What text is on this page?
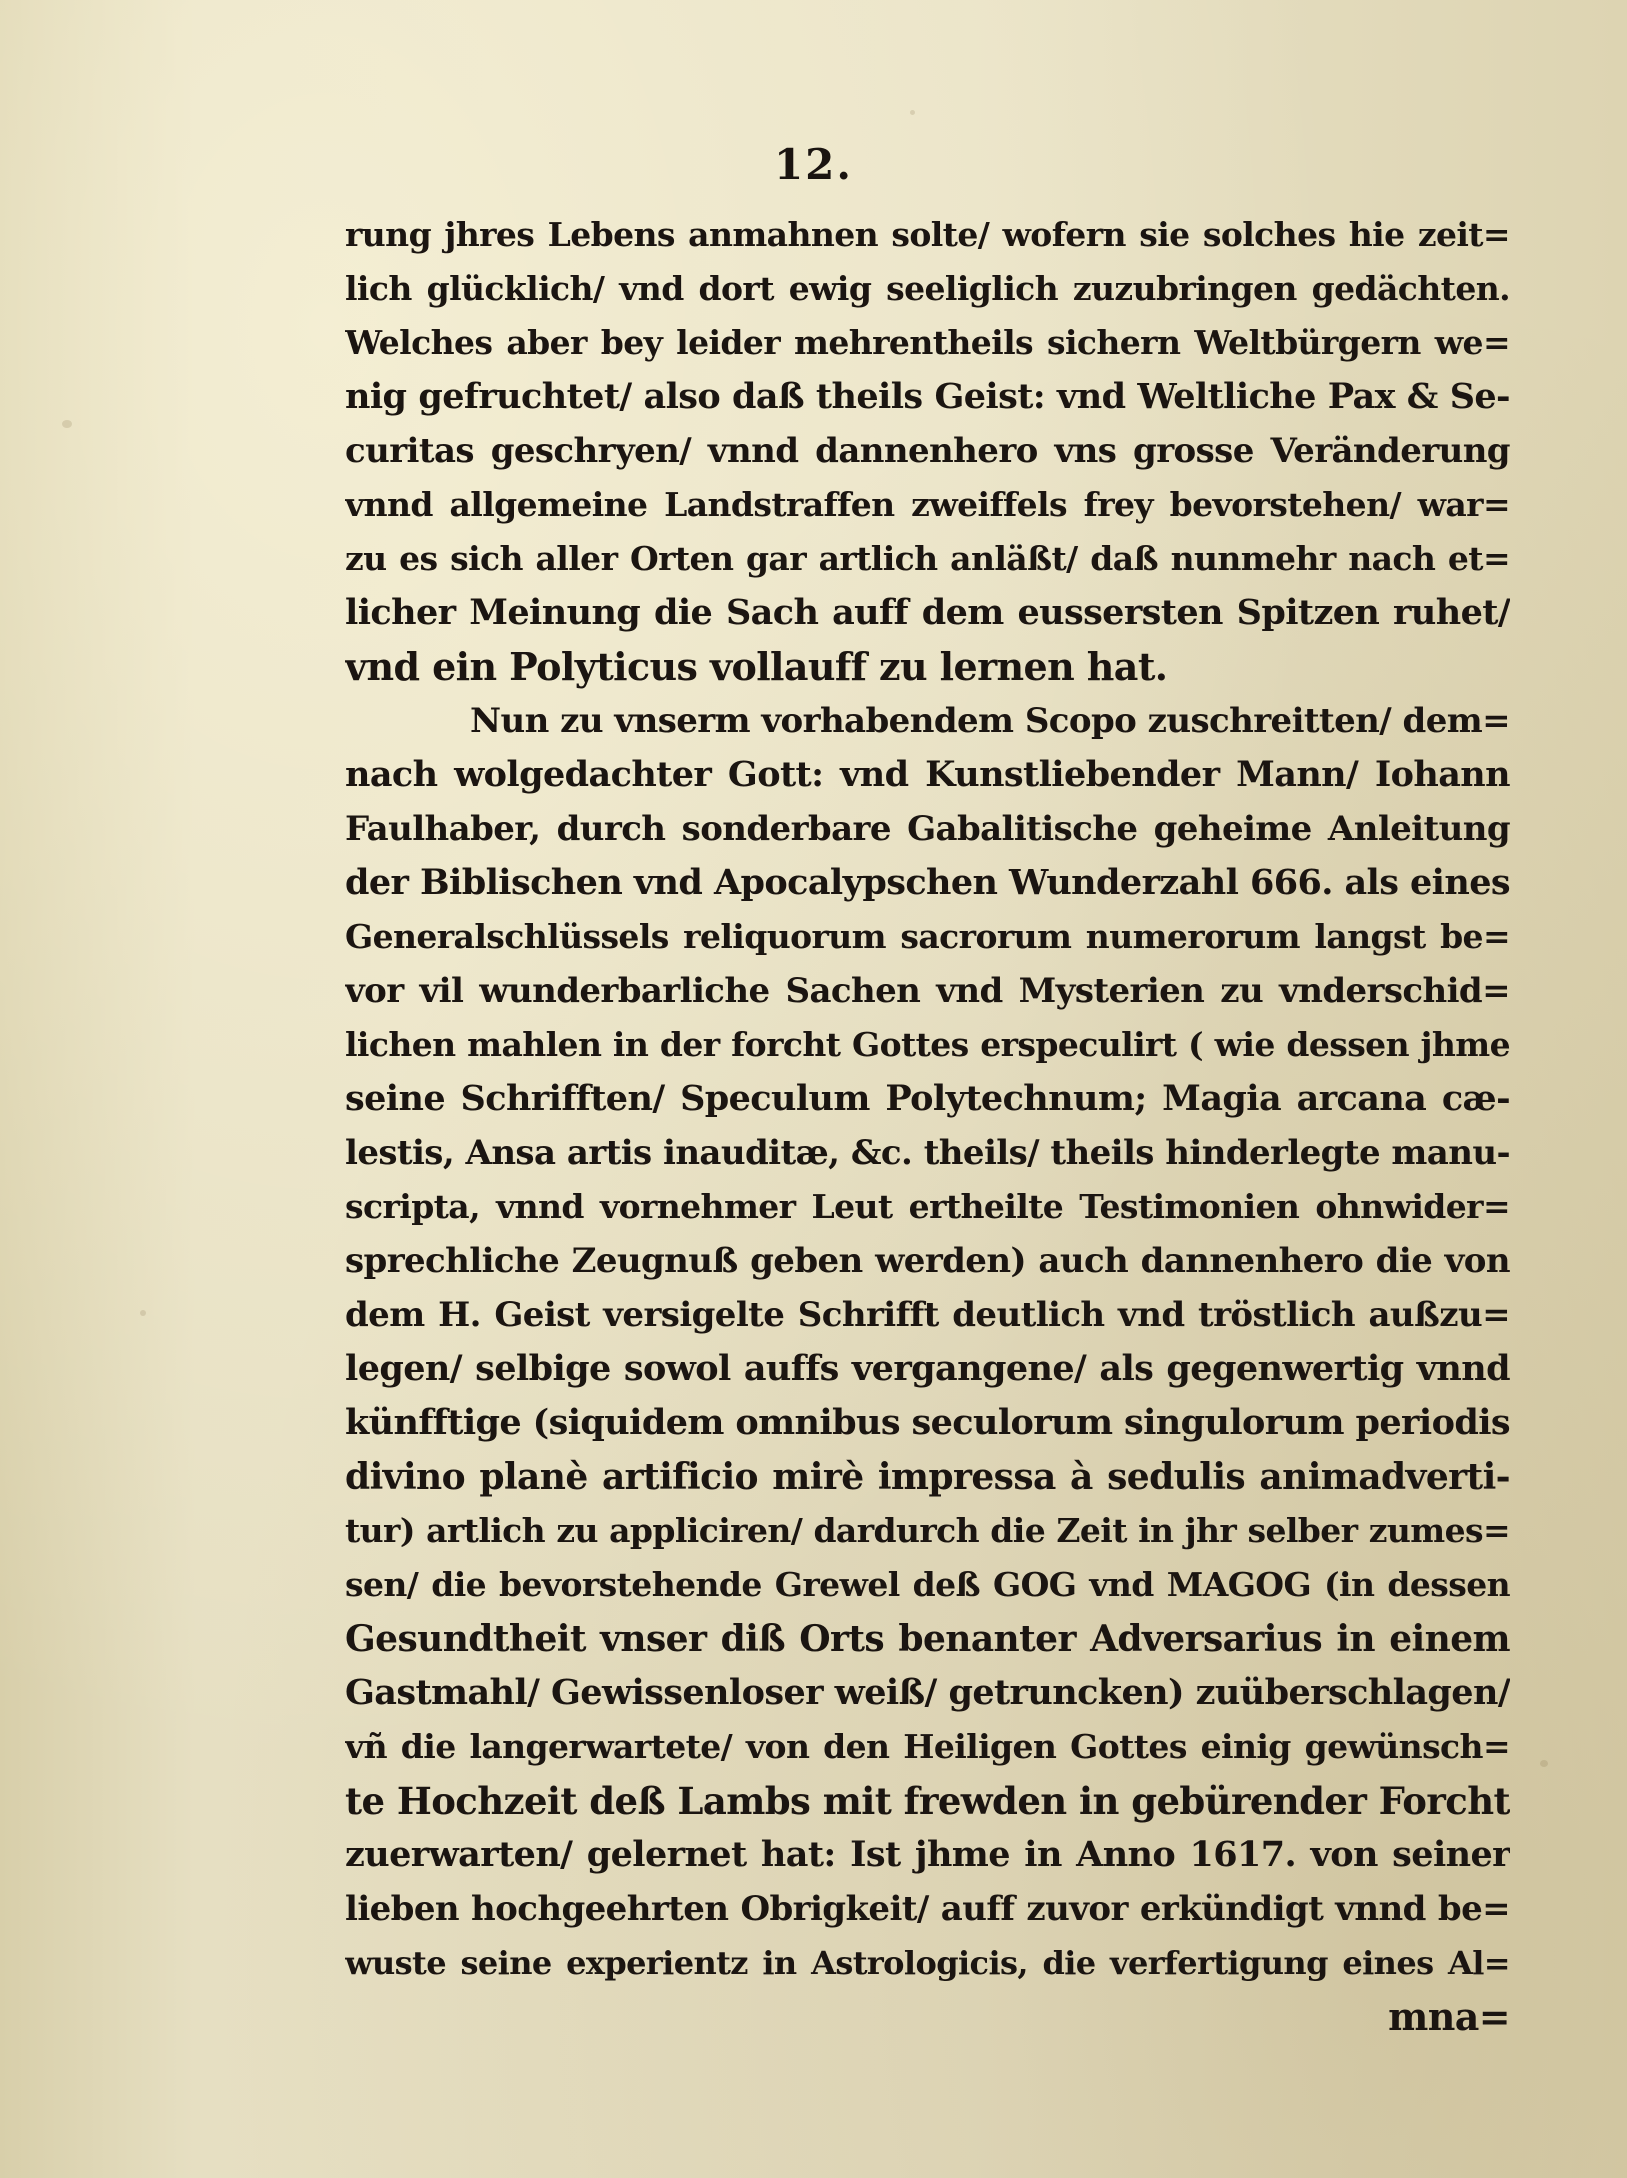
12.
rung jhres Lebens anmahnen solte/ wofern sie solches hie zeit=
lich glücklich/ vnd dort ewig seeliglich zuzubringen gedächten.
Welches aber bey leider mehrentheils sichern Weltbürgern we=
nig gefruchtet/ also daß theils Geist: vnd Weltliche Pax & Se-
curitas geschryen/ vnnd dannenhero vns grosse Veränderung
vnnd allgemeine Landstraffen zweiffels frey bevorstehen/ war=
zu es sich aller Orten gar artlich anläßt/ daß nunmehr nach et=
licher Meinung die Sach auff dem eussersten Spitzen ruhet/
vnd ein Polyticus vollauff zu lernen hat.
Nun zu vnserm vorhabendem Scopo zuschreitten/ dem=
nach wolgedachter Gott: vnd Kunstliebender Mann/ Iohann
Faulhaber, durch sonderbare Gabalitische geheime Anleitung
der Biblischen vnd Apocalypschen Wunderzahl 666. als eines
Generalschlüssels reliquorum sacrorum numerorum langst be=
vor vil wunderbarliche Sachen vnd Mysterien zu vnderschid=
lichen mahlen in der forcht Gottes erspeculirt ( wie dessen jhme
seine Schrifften/ Speculum Polytechnum; Magia arcana cæ-
lestis, Ansa artis inauditæ, &c. theils/ theils hinderlegte manu-
scripta, vnnd vornehmer Leut ertheilte Testimonien ohnwider=
sprechliche Zeugnuß geben werden) auch dannenhero die von
dem H. Geist versigelte Schrifft deutlich vnd tröstlich außzu=
legen/ selbige sowol auffs vergangene/ als gegenwertig vnnd
künfftige (siquidem omnibus seculorum singulorum periodis
divino planè artificio mirè impressa à sedulis animadverti-
tur) artlich zu appliciren/ dardurch die Zeit in jhr selber zumes=
sen/ die bevorstehende Grewel deß GOG vnd MAGOG (in dessen
Gesundtheit vnser diß Orts benanter Adversarius in einem
Gastmahl/ Gewissenloser weiß/ getruncken) zuüberschlagen/
vñ die langerwartete/ von den Heiligen Gottes einig gewünsch=
te Hochzeit deß Lambs mit frewden in gebürender Forcht
zuerwarten/ gelernet hat: Ist jhme in Anno 1617. von seiner
lieben hochgeehrten Obrigkeit/ auff zuvor erkündigt vnnd be=
wuste seine experientz in Astrologicis, die verfertigung eines Al=
mna=
